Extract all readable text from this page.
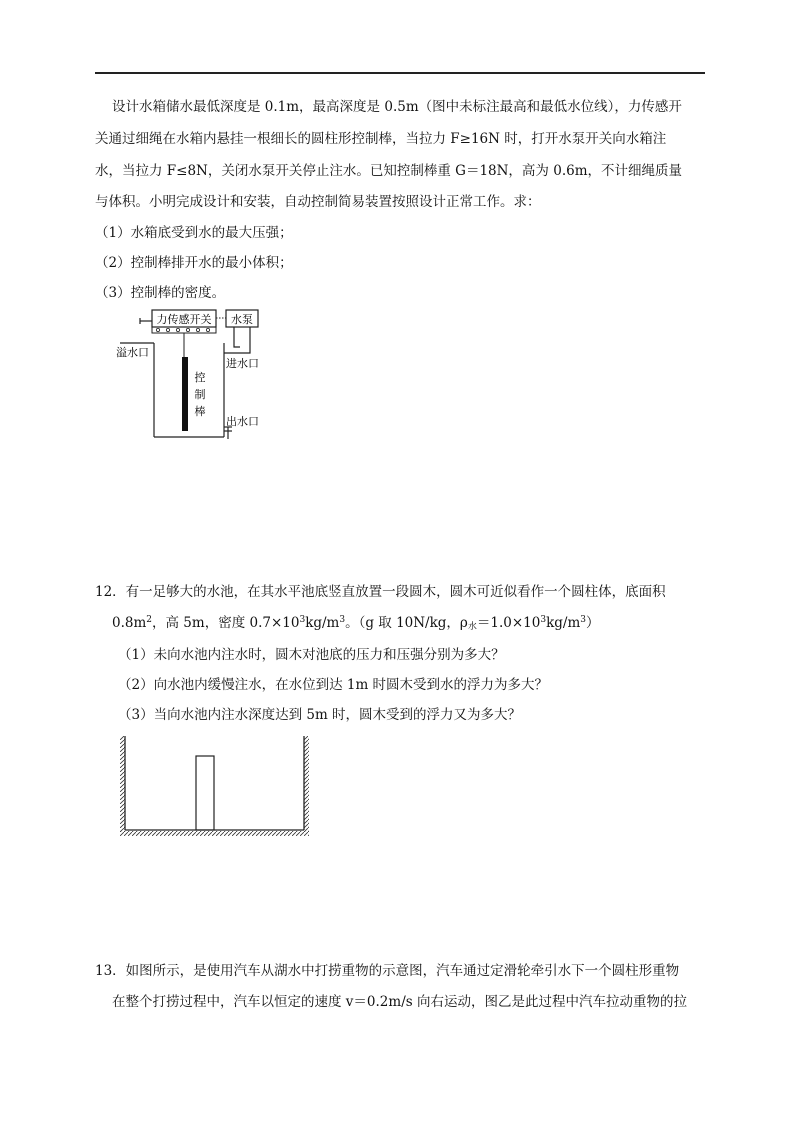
设计水箱储水最低深度是 0.1m，最高深度是 0.5m（图中未标注最高和最低水位线），力传感开
关通过细绳在水箱内悬挂一根细长的圆柱形控制棒，当拉力 F≥16N 时，打开水泵开关向水箱注
水，当拉力 F≤8N，关闭水泵开关停止注水。已知控制棒重 G＝18N，高为 0.6m，不计细绳质量
与体积。小明完成设计和安装，自动控制简易装置按照设计正常工作。求：
（1）水箱底受到水的最大压强；
（2）控制棒排开水的最小体积；
（3）控制棒的密度。
力传感开关 水泵
溢水口
进水口
出水口
控
制
棒
12．有一足够大的水池，在其水平池底竖直放置一段圆木，圆木可近似看作一个圆柱体，底面积
$0.8m^2$，高 5m，密度 $0.7\times 10^3kg/m^3$。（g 取 10N/kg，$\rho_水=1.0\times 10^3kg/m^3$）
（1）未向水池内注水时，圆木对池底的压力和压强分别为多大？
（2）向水池内缓慢注水，在水位到达 1m 时圆木受到水的浮力为多大？
（3）当向水池内注水深度达到 5m 时，圆木受到的浮力又为多大？
13．如图所示，是使用汽车从湖水中打捞重物的示意图，汽车通过定滑轮牵引水下一个圆柱形重物
在整个打捞过程中，汽车以恒定的速度 v＝0.2m/s 向右运动，图乙是此过程中汽车拉动重物的拉
